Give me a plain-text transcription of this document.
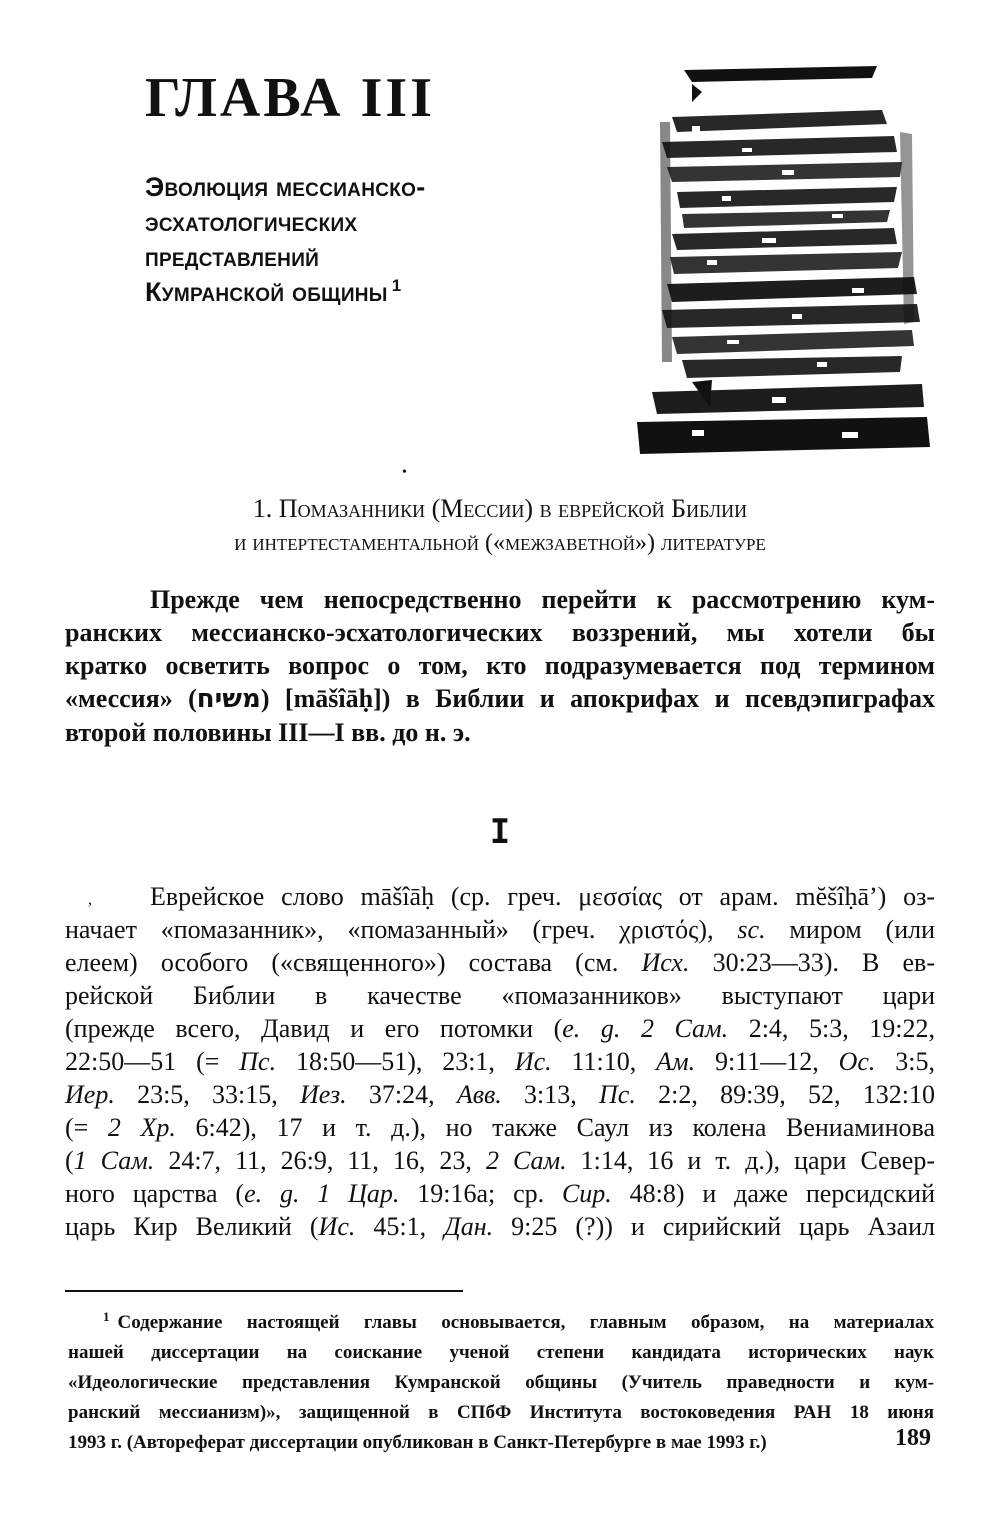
ГЛАВА III
Эволюция мессианско-
эсхатологических
представлений
Кумранской общины $^1$
•
1. Помазанники (Мессии) в еврейской Библии
и интертестаментальной («межзаветной») литературе

Прежде чем непосредственно перейти к рассмотрению кум-
ранских мессианско-эсхатологических воззрений, мы хотели бы
кратко осветить вопрос о том, кто подразумевается под термином
«мессия» (משיח) [māšîāḥ]) в Библии и апокрифах и псевдэпиграфах
второй половины III—I вв. до н. э.

I
,	Еврейское слово māšîāḥ (ср. греч. μεσσίας от арам. mĕšîḥā’) оз-
начает «помазанник», «помазанный» (греч. χριστός), sc. миром (или
елеем) особого («священного») состава (см. Исх. 30:23—33). В ев-
рейской Библии в качестве «помазанников» выступают цари
(прежде всего, Давид и его потомки (e. g. 2 Сам. 2:4, 5:3, 19:22,
22:50—51 (= Пс. 18:50—51), 23:1, Ис. 11:10, Ам. 9:11—12, Ос. 3:5,
Иер. 23:5, 33:15, Иез. 37:24, Авв. 3:13, Пс. 2:2, 89:39, 52, 132:10
(= 2 Хр. 6:42), 17 и т. д.), но также Саул из колена Вениаминова
(1 Сам. 24:7, 11, 26:9, 11, 16, 23, 2 Сам. 1:14, 16 и т. д.), цари Север-
ного царства (e. g. 1 Цар. 19:16а; ср. Сир. 48:8) и даже персидский
царь Кир Великий (Ис. 45:1, Дан. 9:25 (?)) и сирийский царь Азаил

$^1$ Содержание настоящей главы основывается, главным образом, на материалах
нашей диссертации на соискание ученой степени кандидата исторических наук
«Идеологические представления Кумранской общины (Учитель праведности и кум-
ранский мессианизм)», защищенной в СПбФ Института востоковедения РАН 18 июня
1993 г. (Автореферат диссертации опубликован в Санкт-Петербурге в мае 1993 г.)	189
